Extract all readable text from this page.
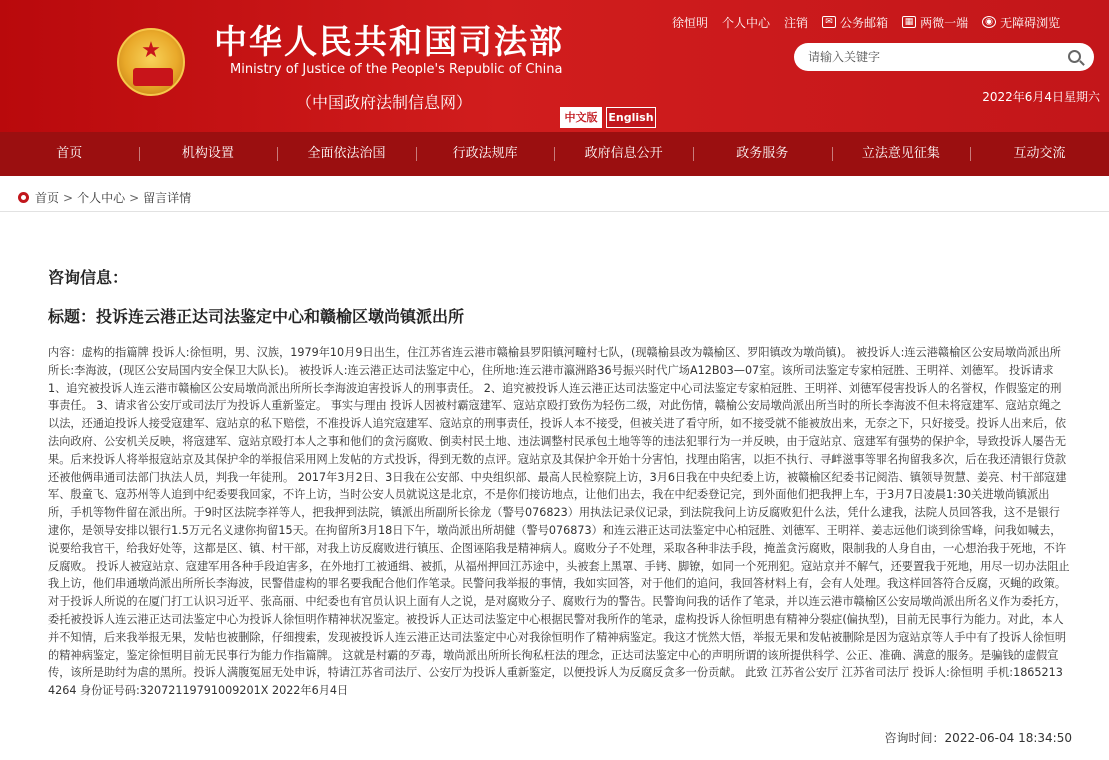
★	中华人民共和国司法部
Ministry of Justice of the People's Republic of China
（中国政府法制信息网）
徐恒明 个人中心 注销	✉ 公务邮箱	▦ 两微一端	◉ 无障碍浏览
请输入关键字
2022年6月4日星期六
中文版 English
首页	机构设置	全面依法治国	行政法规库	政府信息公开	政务服务	立法意见征集	互动交流
首页 > 个人中心 > 留言详情
咨询信息：
标题：投诉连云港正达司法鉴定中心和赣榆区墩尚镇派出所
内容：虚构的指篇牌 投诉人:徐恒明，男、汉族，1979年10月9日出生，住江苏省连云港市赣榆县罗阳镇河疃村七队，(现赣榆县改为赣榆区、罗阳镇改为墩尚镇)。 被投诉人:连云港赣榆区公安局墩尚派出所所长:李海波，(现区公安局国内安全保卫大队长)。 被投诉人:连云港正达司法鉴定中心，住所地:连云港市瀛洲路36号振兴时代广场A12B03—07室。该所司法鉴定专家柏冠胜、王明祥、刘德军。 投诉请求 1、追究被投诉人连云港市赣榆区公安局墩尚派出所所长李海波迫害投诉人的刑事责任。 2、追究被投诉人连云港正达司法鉴定中心司法鉴定专家柏冠胜、王明祥、刘德军侵害投诉人的名誉权，作假鉴定的刑事责任。 3、请求省公安厅或司法厅为投诉人重新鉴定。 事实与理由 投诉人因被村霸寇建军、寇站京殴打致伤为轻伤二级，对此伤情，赣榆公安局墩尚派出所当时的所长李海波不但未将寇建军、寇站京绳之以法，还通迫投诉人接受寇建军、寇站京的私下赔偿，不准投诉人追究寇建军、寇站京的刑事责任，投诉人本不接受，但被关进了看守所，如不接受就不能被放出来，无奈之下，只好接受。投诉人出来后，依法向政府、公安机关反映，将寇建军、寇站京殴打本人之事和他们的贪污腐败、倒卖村民土地、违法调整村民承包土地等等的违法犯罪行为一并反映，由于寇站京、寇建军有强势的保护伞，导致投诉人屡告无果。后来投诉人将举报寇站京及其保护伞的举报信采用网上发帖的方式投诉，得到无数的点评。寇站京及其保护伞开始十分害怕，找理由陷害，以拒不执行、寻衅滋事等罪名拘留我多次，后在我还清银行贷款还被他俩串通司法部门执法人员，判我一年徒刑。 2017年3月2日、3日我在公安部、中央组织部、最高人民检察院上访，3月6日我在中央纪委上访，被赣榆区纪委书记阅浩、镇领导贺慧、姜亮、村干部寇建军、殷童飞、寇苏州等人追到中纪委要我回家，不许上访，当时公安人员就说这是北京，不是你们接访地点，让他们出去，我在中纪委登记完，到外面他们把我押上车，于3月7日凌晨1:30关进墩尚镇派出所，手机等物件留在派出所。于9时区法院李祥等人，把我押到法院，镇派出所副所长徐龙（警号076823）用执法记录仪记录，到法院我问上访反腐败犯什么法，凭什么逮我，法院人员回答我，这不是银行逮你，是领导安排以银行1.5万元名义逮你拘留15天。在拘留所3月18日下午，墩尚派出所胡健（警号076873）和连云港正达司法鉴定中心柏冠胜、刘德军、王明祥、姜志远他们谈到徐雪峰，问我如喊去，说要给我官干，给我好处等，这都是区、镇、村干部，对我上访反腐败进行镇压、企图诬陷我是精神病人。腐败分子不处理，采取各种非法手段，掩盖贪污腐败，限制我的人身自由，一心想治我于死地，不许反腐败。 投诉人被寇站京、寇建军用各种手段迫害多，在外地打工被通缉、被抓，从福州押回江苏途中，头被套上黑罩、手铐、脚镣，如同一个死刑犯。寇站京并不解气，还要置我于死地，用尽一切办法阻止我上访，他们串通墩尚派出所所长李海波，民警借虚构的罪名要我配合他们作笔录。民警问我举报的事情，我如实回答，对于他们的追问，我回答材料上有，会有人处理。我这样回答符合反腐，灭蝇的政策。 对于投诉人所说的在厦门打工认识习近平、张高丽、中纪委也有官员认识上面有人之说，是对腐败分子、腐败行为的警告。民警询问我的话作了笔录，并以连云港市赣榆区公安局墩尚派出所名义作为委托方，委托被投诉人连云港正达司法鉴定中心为投诉人徐恒明作精神状况鉴定。被投诉人正达司法鉴定中心根据民警对我所作的笔录，虚构投诉人徐恒明患有精神分裂症(偏执型)，目前无民事行为能力。对此，本人并不知情，后来我举报无果，发帖也被删除，仔细搜索，发现被投诉人连云港正达司法鉴定中心对我徐恒明作了精神病鉴定。我这才恍然大悟，举报无果和发帖被删除是因为寇站京等人手中有了投诉人徐恒明的精神病鉴定，鉴定徐恒明目前无民事行为能力作指篇牌。 这就是村霸的歹毒，墩尚派出所所长徇私枉法的理念，正达司法鉴定中心的声明所谓的该所提供科学、公正、准确、满意的服务。是骗钱的虚假宣传，该所是助纣为虐的黑所。投诉人满腹冤屈无处申诉，特请江苏省司法厅、公安厅为投诉人重新鉴定，以便投诉人为反腐反贪多一份贡献。 此致 江苏省公安厅 江苏省司法厅 投诉人:徐恒明 手机:18652134264 身份证号码:32072119791009201X 2022年6月4日
咨询时间：2022-06-04 18:34:50
